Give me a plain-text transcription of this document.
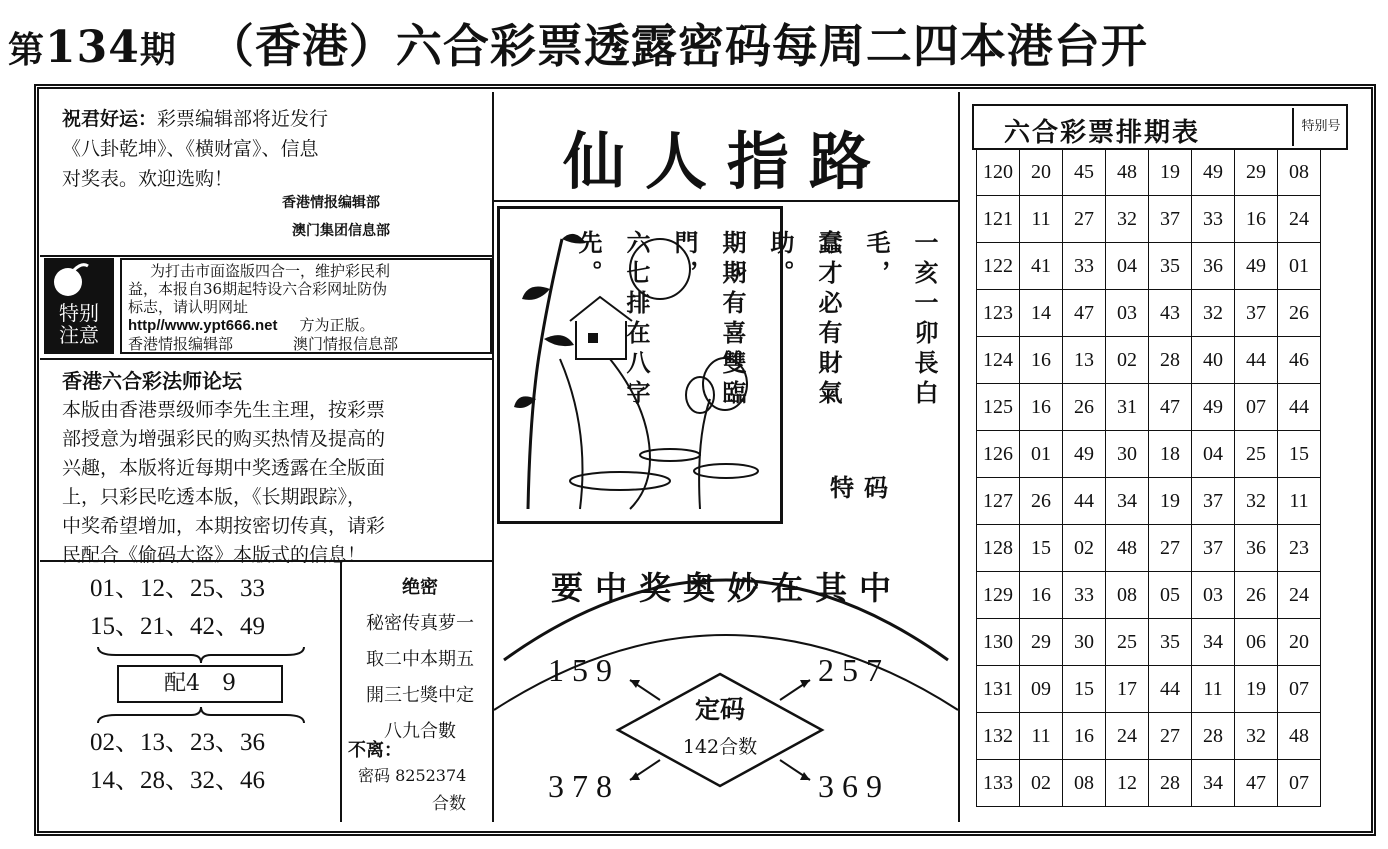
第134期 （香港）六合彩票透露密码每周二四本港台开
祝君好运：彩票编辑部将近发行
《八卦乾坤》、《横财富》、信息
对奖表。欢迎选购！
香港情报编辑部
澳门集团信息部
特别
注意
为打击市面盗版四合一，维护彩民利
益，本报自36期起特设六合彩网址防伪
标志，请认明网址
http//www.ypt666.net 方为正版。
香港情报编辑部	澳门情报信息部
香港六合彩法师论坛
本版由香港票级师李先生主理，按彩票
部授意为增强彩民的购买热情及提高的
兴趣，本版将近每期中奖透露在全版面
上，只彩民吃透本版，《长期跟踪》，
中奖希望增加，本期按密切传真，请彩
民配合《偷码大盗》本版式的信息！
01、12、25、33
15、21、42、49
配4　9
02、13、23、36
14、28、32、46
绝密
秘密传真萝一
取二中本期五
開三七獎中定
八九合數
不离：
密码 8252374
合数
仙人指路
一亥一卯長白毛，
蠢才必有財氣助。
期期有喜雙臨門，
六七排在八字先。
特码
要中奖奥妙在其中
159	257
378	369
定码
142合数
六合彩票排期表	特别号
120	20	45	48	19	49	29	08
121	11	27	32	37	33	16	24
122	41	33	04	35	36	49	01
123	14	47	03	43	32	37	26
124	16	13	02	28	40	44	46
125	16	26	31	47	49	07	44
126	01	49	30	18	04	25	15
127	26	44	34	19	37	32	11
128	15	02	48	27	37	36	23
129	16	33	08	05	03	26	24
130	29	30	25	35	34	06	20
131	09	15	17	44	11	19	07
132	11	16	24	27	28	32	48
133	02	08	12	28	34	47	07
